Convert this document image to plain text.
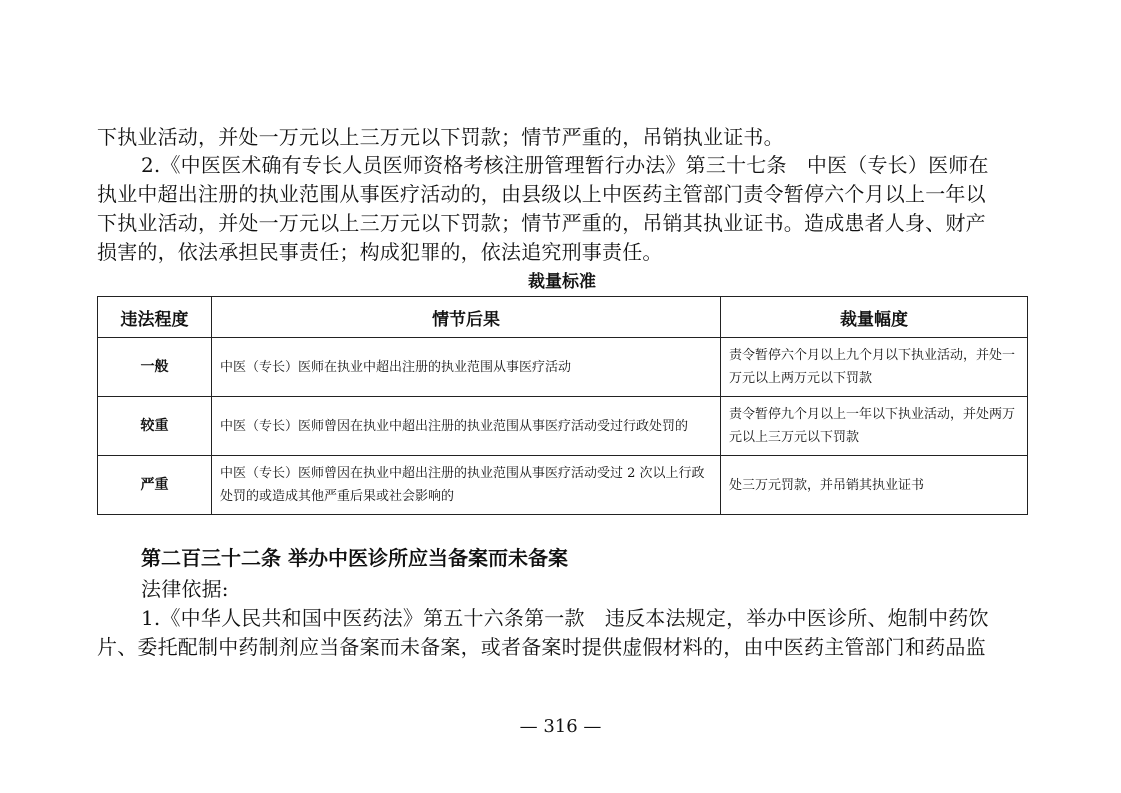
下执业活动，并处一万元以上三万元以下罚款；情节严重的，吊销执业证书。
2.《中医医术确有专长人员医师资格考核注册管理暂行办法》第三十七条　中医（专长）医师在
执业中超出注册的执业范围从事医疗活动的，由县级以上中医药主管部门责令暂停六个月以上一年以
下执业活动，并处一万元以上三万元以下罚款；情节严重的，吊销其执业证书。造成患者人身、财产
损害的，依法承担民事责任；构成犯罪的，依法追究刑事责任。
裁量标准
违法程度	情节后果	裁量幅度
一般	中医（专长）医师在执业中超出注册的执业范围从事医疗活动	责令暂停六个月以上九个月以下执业活动，并处一万元以上两万元以下罚款
较重	中医（专长）医师曾因在执业中超出注册的执业范围从事医疗活动受过行政处罚的	责令暂停九个月以上一年以下执业活动，并处两万元以上三万元以下罚款
严重	中医（专长）医师曾因在执业中超出注册的执业范围从事医疗活动受过 2 次以上行政处罚的或造成其他严重后果或社会影响的	处三万元罚款，并吊销其执业证书
第二百三十二条 举办中医诊所应当备案而未备案
法律依据:
1.《中华人民共和国中医药法》第五十六条第一款　违反本法规定，举办中医诊所、炮制中药饮
片、委托配制中药制剂应当备案而未备案，或者备案时提供虚假材料的，由中医药主管部门和药品监
— 316 —
